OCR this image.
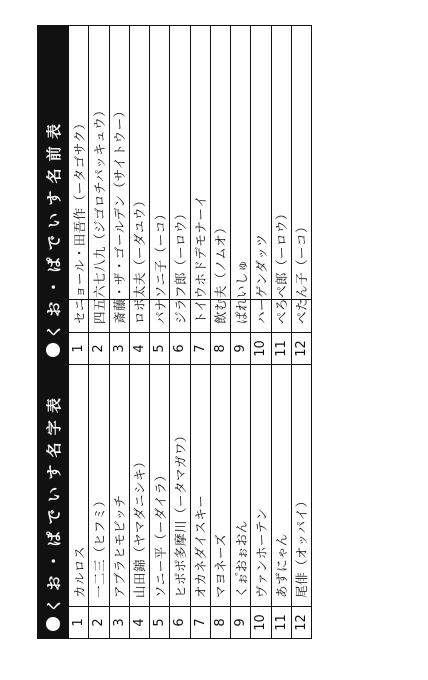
く お ・ ぱ で い す 名 字 表
1
カルロス
2
一二三（ヒフミ）
3
アブラヒモビッチ
4
山田錦（ヤマダニシキ）
5
ソニー平（ーダイラ）
6
ヒポポ多摩川（ータマガワ）
7
オカネダイスキー
8
マヨネーズ
9
くぉ゚おぉおん
10
ヴァンホーテン
11
あずにゃん
12
尾俳（オッパイ）
く お ・ ぱ で い す 名 前 表
1
セニョール・田吾作（ータゴサク）
2
四五六七八九（ジゴロチパッキュウ）
3
斎藤・ザ・ゴールデン（サイトウー）
4
ロボ太夫（ーダユウ）
5
パナソニ子（ーコ）
6
ジラフ郎（ーロウ）
7
トイウホドデモナーイ
8
飲む夫（ノムオ）
9
ぱれいしゅ
10
ハーゲンダッツ
11
ぺろぺ郎（ーロウ）
12
ぺたん子（ーコ）
